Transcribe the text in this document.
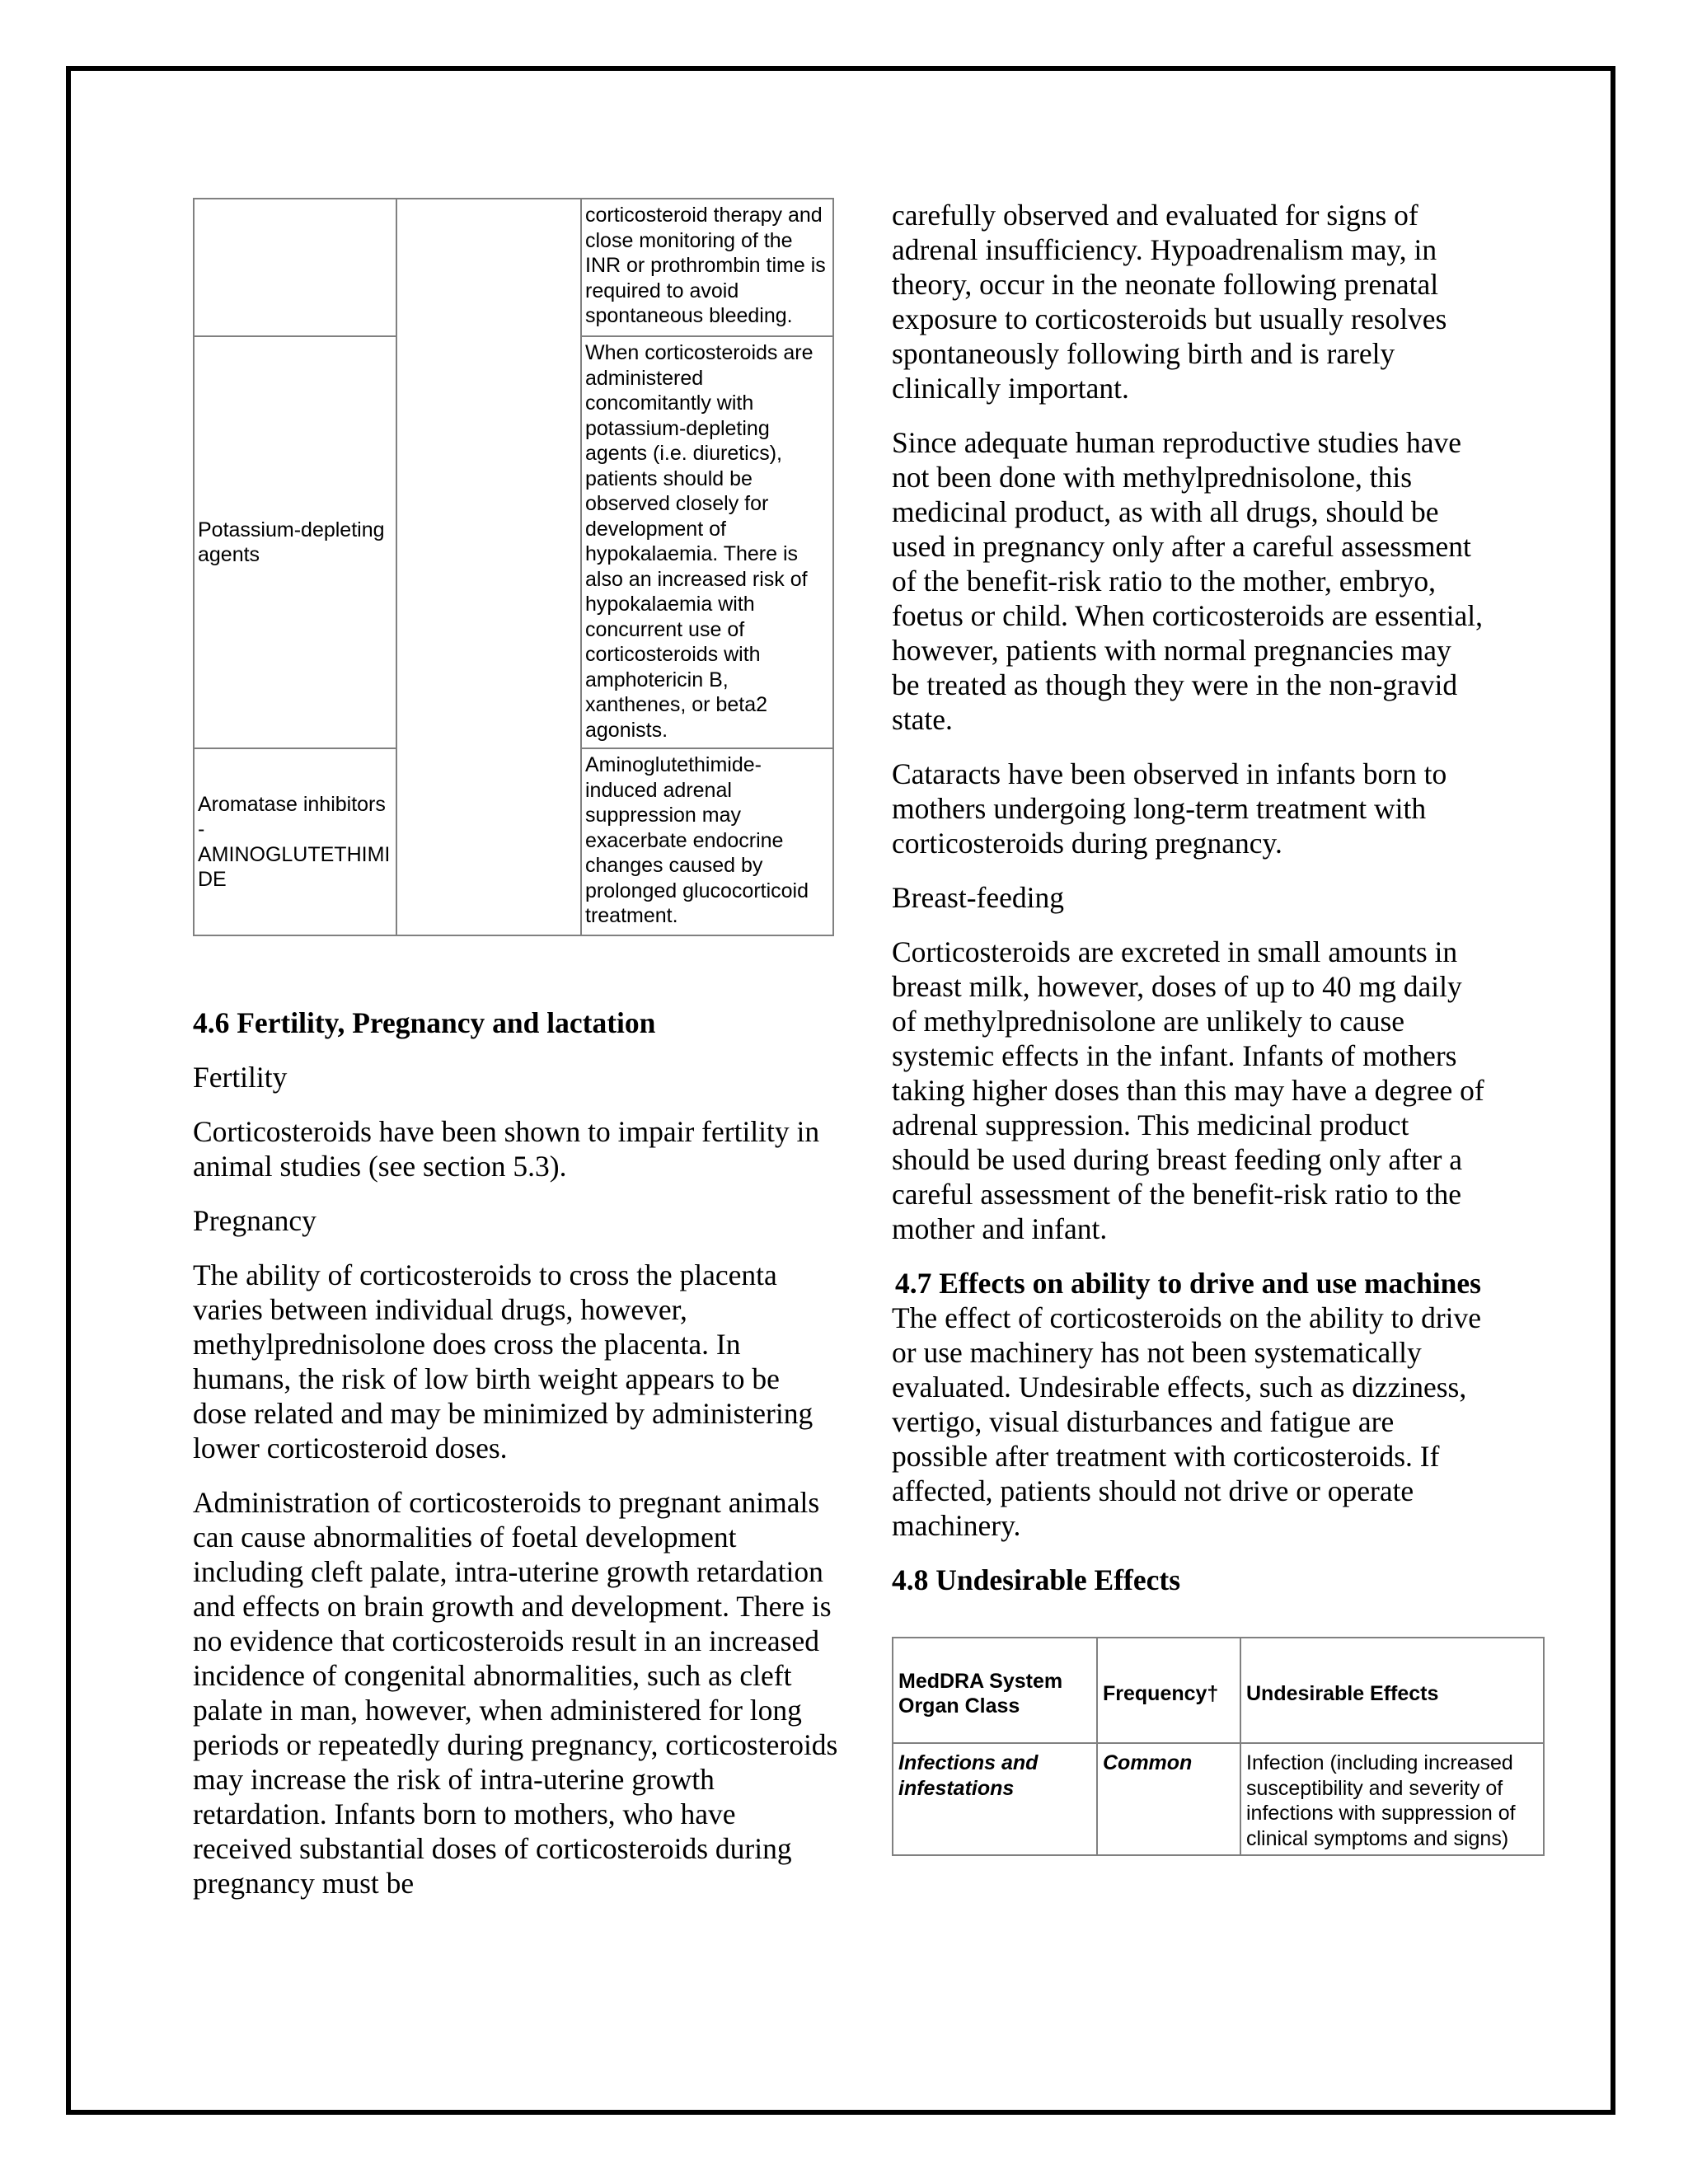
		corticosteroid therapy and close monitoring of the INR or prothrombin time is required to avoid spontaneous bleeding.
Potassium-depleting agents		When corticosteroids are administered concomitantly with potassium-depleting agents (i.e. diuretics), patients should be observed closely for development of hypokalaemia. There is also an increased risk of hypokalaemia with concurrent use of corticosteroids with amphotericin B, xanthenes, or beta2 agonists.

Aromatase inhibitors
-
AMINOGLUTETHIMIDE		Aminoglutethimide-induced adrenal suppression may exacerbate endocrine changes caused by prolonged glucocorticoid treatment.

4.6 Fertility, Pregnancy and lactation

Fertility

Corticosteroids have been shown to impair fertility in animal studies (see section 5.3).

Pregnancy

The ability of corticosteroids to cross the placenta varies between individual drugs, however, methylprednisolone does cross the placenta. In humans, the risk of low birth weight appears to be dose related and may be minimized by administering lower corticosteroid doses.

Administration of corticosteroids to pregnant animals can cause abnormalities of foetal development including cleft palate, intra-uterine growth retardation and effects on brain growth and development. There is no evidence that corticosteroids result in an increased incidence of congenital abnormalities, such as cleft palate in man, however, when administered for long periods or repeatedly during pregnancy, corticosteroids may increase the risk of intra-uterine growth retardation. Infants born to mothers, who have received substantial doses of corticosteroids during pregnancy must be

carefully observed and evaluated for signs of adrenal insufficiency. Hypoadrenalism may, in theory, occur in the neonate following prenatal exposure to corticosteroids but usually resolves spontaneously following birth and is rarely clinically important.

Since adequate human reproductive studies have not been done with methylprednisolone, this medicinal product, as with all drugs, should be used in pregnancy only after a careful assessment of the benefit-risk ratio to the mother, embryo, foetus or child. When corticosteroids are essential, however, patients with normal pregnancies may be treated as though they were in the non-gravid state.

Cataracts have been observed in infants born to mothers undergoing long-term treatment with corticosteroids during pregnancy.

Breast-feeding

Corticosteroids are excreted in small amounts in breast milk, however, doses of up to 40 mg daily of methylprednisolone are unlikely to cause systemic effects in the infant. Infants of mothers taking higher doses than this may have a degree of adrenal suppression. This medicinal product should be used during breast feeding only after a careful assessment of the benefit-risk ratio to the mother and infant.

4.7 Effects on ability to drive and use machines

The effect of corticosteroids on the ability to drive or use machinery has not been systematically evaluated. Undesirable effects, such as dizziness, vertigo, visual disturbances and fatigue are possible after treatment with corticosteroids. If affected, patients should not drive or operate machinery.

4.8 Undesirable Effects

MedDRA System Organ Class	Frequency†	Undesirable Effects
Infections and infestations	Common	Infection (including increased susceptibility and severity of infections with suppression of clinical symptoms and signs)
